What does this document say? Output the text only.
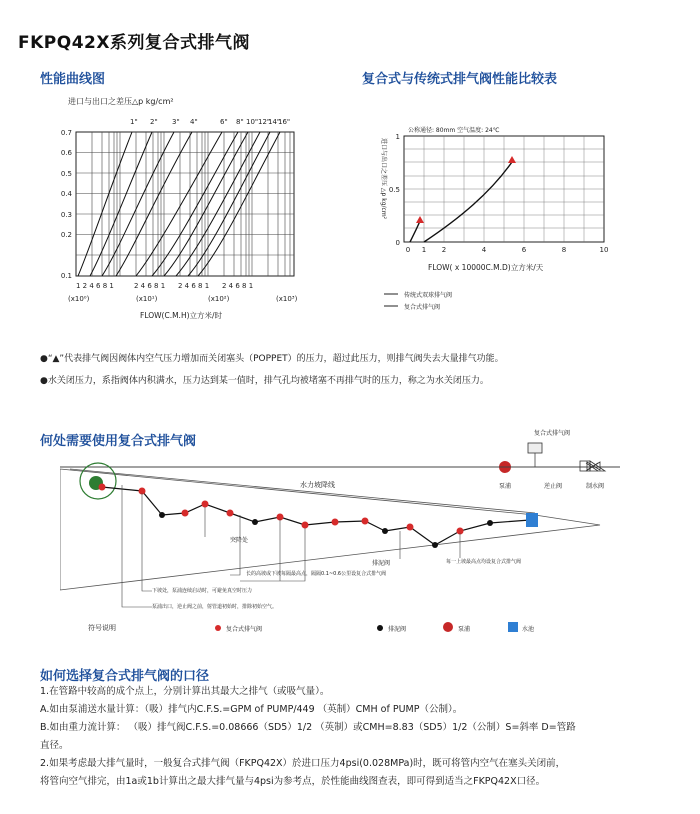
FKPQ42X系列复合式排气阀
性能曲线图
进口与出口之差压△p kg/cm²
1" 2" 3" 4"	6" 8" 10" 12"
14"
16"
0.7
0.6
0.5
0.4
0.3
0.2
0.1
1 2 4 6 8 1	2 4 6 8 1 2 4 6 8 1 2 4 6 8 1
(x10⁰)	(x10¹)	(x10²)	(x10³)
FLOW(C.M.H)立方米/时
复合式与传统式排气阀性能比较表
公称通径: 80mm 空气温度: 24℃
进口与出口之差压 △p kg/cm²
1
0.5
0
0 1 2	4	6	8	10
FLOW( x 10000C.M.D)立方米/天
传统式双球排气阀
复合式排气阀
●“▲”代表排气阀因阀体内空气压力增加而关闭塞头（POPPET）的压力，超过此压力，则排气阀失去大量排气功能。
●水关闭压力，系指阀体内积满水，压力达到某一值时，排气孔均被堵塞不再排气时的压力，称之为水关闭压力。
何处需要使用复合式排气阀
复合式排气阀
泵浦	逆止阀	制水阀
水力坡降线
突降处
排泥阀	每一上坡最高点均设复合式排气阀
长的高坡或下坡每隔最高点，隔隔0.1~0.6公里设复合式排气阀
下坡处，泵浦连续启动时，可避免真空时压力
泵浦出口，逆止阀之前，射管道初始时，排除初始空气。
符号说明	复合式排气阀	排泥阀	泵浦	水池
如何选择复合式排气阀的口径
1.在管路中较高的成个点上，分别计算出其最大之排气（或吸气量）。
A.如由泵浦送水量计算：（吸）排气内C.F.S.=GPM of PUMP/449 （英制）CMH of PUMP（公制）。
B.如由重力流计算： （吸）排气阀C.F.S.=0.08666（SD5）1/2 （英制）或CMH=8.83（SD5）1/2（公制）S=斜率 D=管路
直径。
2.如果考虑最大排气量时，一般复合式排气阀（FKPQ42X）於进口压力4psi(0.028MPa)时，既可将管内空气在塞头关闭前，
将管向空气排完，由1a或1b计算出之最大排气量与4psi为参考点，於性能曲线图查表，即可得到适当之FKPQ42X口径。
